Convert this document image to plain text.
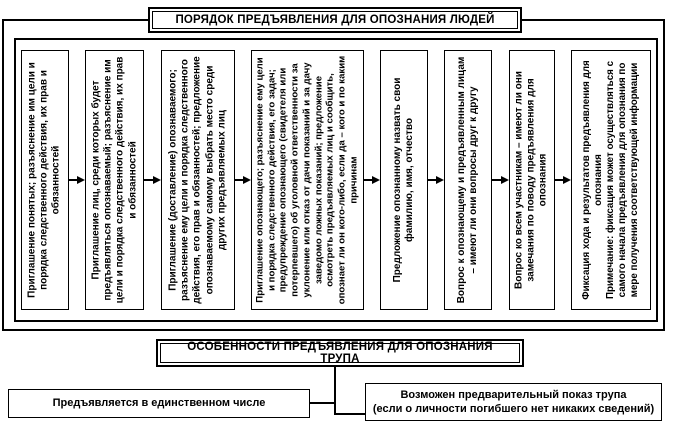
ПОРЯДОК ПРЕДЪЯВЛЕНИЯ ДЛЯ ОПОЗНАНИЯ ЛЮДЕЙ
Приглашение понятых; разъяснение им цели и порядка следственного действия, их прав и обязанностей	Приглашение лиц, среди которых будет предъявляться опознаваемый; разъяснение им цели и порядка следственного действия, их прав и обязанностей	Приглашение (доставление) опознаваемого; разъяснение ему цели и порядка следственного действия, его прав и обязанностей; предложение опознаваемому самому выбрать место среди других предъявляемых лиц	Приглашение опознающего; разъяснение ему цели и порядка следственного действия, его задач; предупреждение опознающего (свидетеля или потерпевшего) об уголовной ответственности за уклонение или отказ от дачи показаний и за дачу заведомо ложных показаний; предложение осмотреть предъявляемых лиц и сообщить, опознает ли он кого-либо, если да – кого и по каким причинам	Предложение опознанному назвать свои фамилию, имя, отчество	Вопрос к опознающему и предъявленным лицам – имеют ли они вопросы друг к другу	Вопрос ко всем участникам – имеют ли они замечания по поводу предъявления для опознания	Фиксация хода и результатов предъявления для опознания

Примечание: фиксация может осуществляться с самого начала предъявления для опознания по мере получения соответствующей информации

ОСОБЕННОСТИ ПРЕДЪЯВЛЕНИЯ ДЛЯ ОПОЗНАНИЯ ТРУПА
Предъявляется в единственном числе
Возможен предварительный показ трупа
(если о личности погибшего нет никаких сведений)
